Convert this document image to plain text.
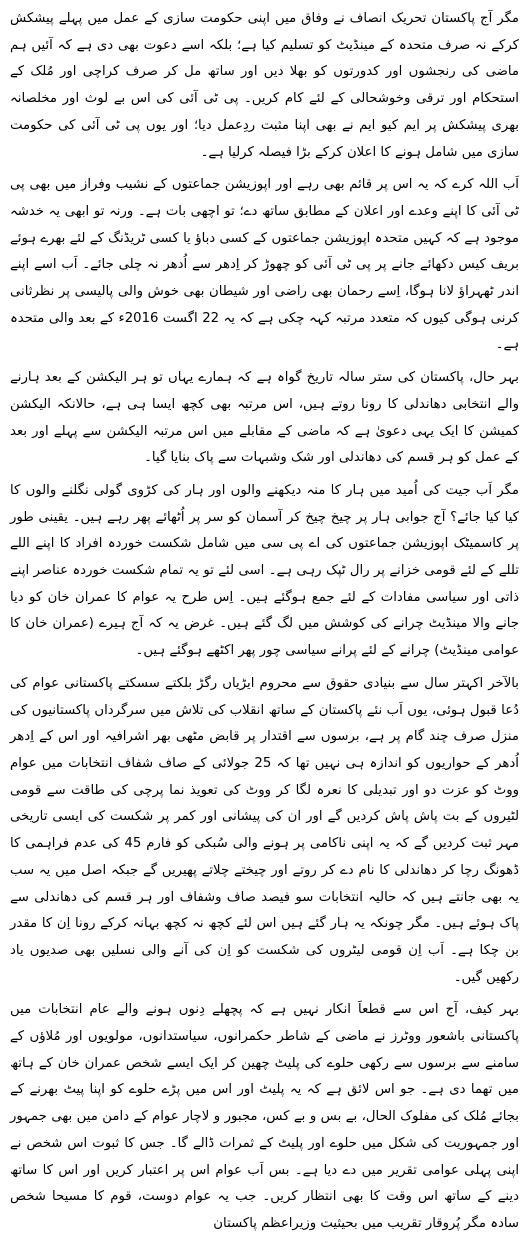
مگر آج پاکستان تحریک انصاف نے وفاق میں اپنی حکومت سازی کے عمل میں پہلے پیشکش کرکے نہ صرف متحدہ کے مینڈیٹ کو تسلیم کیا ہے؛ بلکہ اسے دعوت بھی دی ہے کہ آئیں ہم ماضی کی رنجشوں اور کدورتوں کو بھلا دیں اور ساتھ مل کر صرف کراچی اور مُلک کے استحکام اور ترقی وخوشحالی کے لئے کام کریں۔ پی ٹی آئی کی اس بے لوث اور مخلصانہ بھری پیشکش پر ایم کیو ایم نے بھی اپنا مثبت ردِعمل دیا؛ اور یوں پی ٹی آئی کی حکومت سازی میں شامل ہونے کا اعلان کرکے بڑا فیصلہ کرلیا ہے۔

اَب اللہ کرے کہ یہ اس پر قائم بھی رہے اور اپوزیشن جماعتوں کے نشیب وفراز میں بھی پی ٹی آئی کا اپنے وعدے اور اعلان کے مطابق ساتھ دے؛ تو اچھی بات ہے۔ ورنہ تو ابھی یہ خدشہ موجود ہے کہ کہیں متحدہ اپوزیشن جماعتوں کے کسی دباؤ یا کسی ٹریڈنگ کے لئے بھرے ہوئے بریف کیس دکھائے جانے پر پی ٹی آئی کو چھوڑ کر اِدھر سے اُدھر نہ چلی جائے۔ اَب اسے اپنے اندر ٹھہراؤ لانا ہوگا، اِسے رحمان بھی راضی اور شیطان بھی خوش والی پالیسی پر نظرثانی کرنی ہوگی کیوں کہ متعدد مرتبہ کہہ چکی ہے کہ یہ 22 اگست 2016ء کے بعد والی متحدہ ہے۔

بہر حال، پاکستان کی ستر سالہ تاریخ گواہ ہے کہ ہمارے یہاں تو ہر الیکشن کے بعد ہارنے والے انتخابی دھاندلی کا رونا روتے ہیں، اس مرتبہ بھی کچھ ایسا ہی ہے، حالانکہ الیکشن کمیشن کا ایک یہی دعویٰ ہے کہ ماضی کے مقابلے میں اس مرتبہ الیکشن سے پہلے اور بعد کے عمل کو ہر قسم کی دھاندلی اور شک وشبہات سے پاک بنایا گیا۔

مگر اَب جیت کی اُمید میں ہار کا منہ دیکھنے والوں اور ہار کی کڑوی گولی نگلنے والوں کا کیا کیا جائے؟ آج جوابی ہار پر چیخ چیخ کر آسمان کو سر پر اُٹھائے پھر رہے ہیں۔ یقینی طور پر کاسمیٹک اپوزیشن جماعتوں کی اے پی سی میں شامل شکست خوردہ افراد کا اپنے اللے تللے کے لئے قومی خزانے پر رال ٹپک رہی ہے۔ اسی لئے تو یہ تمام شکست خوردہ عناصر اپنے ذاتی اور سیاسی مفادات کے لئے جمع ہوگئے ہیں۔ اِس طرح یہ عوام کا عمران خان کو دیا جانے والا مینڈیٹ چرانے کی کوشش میں لگ گئے ہیں۔ غرض یہ کہ آج ہیرے (عمران خان کا عوامی مینڈیٹ) چرانے کے لئے پرانے سیاسی چور پھر اکٹھے ہوگئے ہیں۔

بالآخر اکہتر سال سے بنیادی حقوق سے محروم ایڑیاں رگڑ بلکتے سسکتے پاکستانی عوام کی دُعا قبول ہوئی، یوں اَب نئے پاکستان کے ساتھ انقلاب کی تلاش میں سرگرداں پاکستانیوں کی منزل صرف چند گام پر ہے، برسوں سے اقتدار پر قابض مٹھی بھر اشرافیہ اور اس کے اِدھر اُدھر کے حواریوں کو اندازہ ہی نہیں تھا کہ 25 جولائی کے صاف شفاف انتخابات میں عوام ووٹ کو عزت دو اور تبدیلی کا نعرہ لگا کر ووٹ کی تعویذ نما پرچی کی طاقت سے قومی لٹیروں کے بت پاش پاش کردیں گے اور ان کی پیشانی اور کمر پر شکست کی ایسی تاریخی مہر ثبت کردیں گے کہ یہ اپنی ناکامی پر ہونے والی سُبکی کو فارم 45 کی عدم فراہمی کا ڈھونگ رچا کر دھاندلی کا نام دے کر روتے اور چیختے چلاتے پھیریں گے جبکہ اصل میں یہ سب یہ بھی جانتے ہیں کہ حالیہ انتخابات سو فیصد صاف وشفاف اور ہر قسم کی دھاندلی سے پاک ہوئے ہیں۔ مگر چونکہ یہ ہار گئے ہیں اس لئے کچھ نہ کچھ بہانہ کرکے رونا اِن کا مقدر بن چکا ہے۔ اَب اِن قومی لیٹروں کی شکست کو اِن کی آنے والی نسلیں بھی صدیوں یاد رکھیں گیں۔

بہر کیف، آج اس سے قطعاََ انکار نہیں ہے کہ پچھلے دِنوں ہونے والے عام انتخابات میں پاکستانی باشعور ووٹرز نے ماضی کے شاطر حکمرانوں، سیاستدانوں، مولویوں اور مُلاؤں کے سامنے سے برسوں سے رکھی حلوے کی پلیٹ چھین کر ایک ایسے شخص عمران خان کے ہاتھ میں تھما دی ہے۔ جو اس لائق ہے کہ یہ پلیٹ اور اس میں پڑے حلوے کو اپنا پیٹ بھرنے کے بجائے مُلک کی مفلوک الحال، بے بس و بے کس، مجبور و لاچار عوام کے دامن میں بھی جمہور اور جمہوریت کی شکل میں حلوے اور پلیٹ کے ثمرات ڈالے گا۔ جس کا ثبوت اس شخص نے اپنی پہلی عوامی تقریر میں دے دیا ہے۔ بس اَب عوام اس پر اعتبار کریں اور اس کا ساتھ دینے کے ساتھ اس وقت کا بھی انتظار کریں۔ جب یہ عوام دوست، قوم کا مسیحا شخص سادہ مگر پُروقار تقریب میں بحیثیت وزیراعظم پاکستان
